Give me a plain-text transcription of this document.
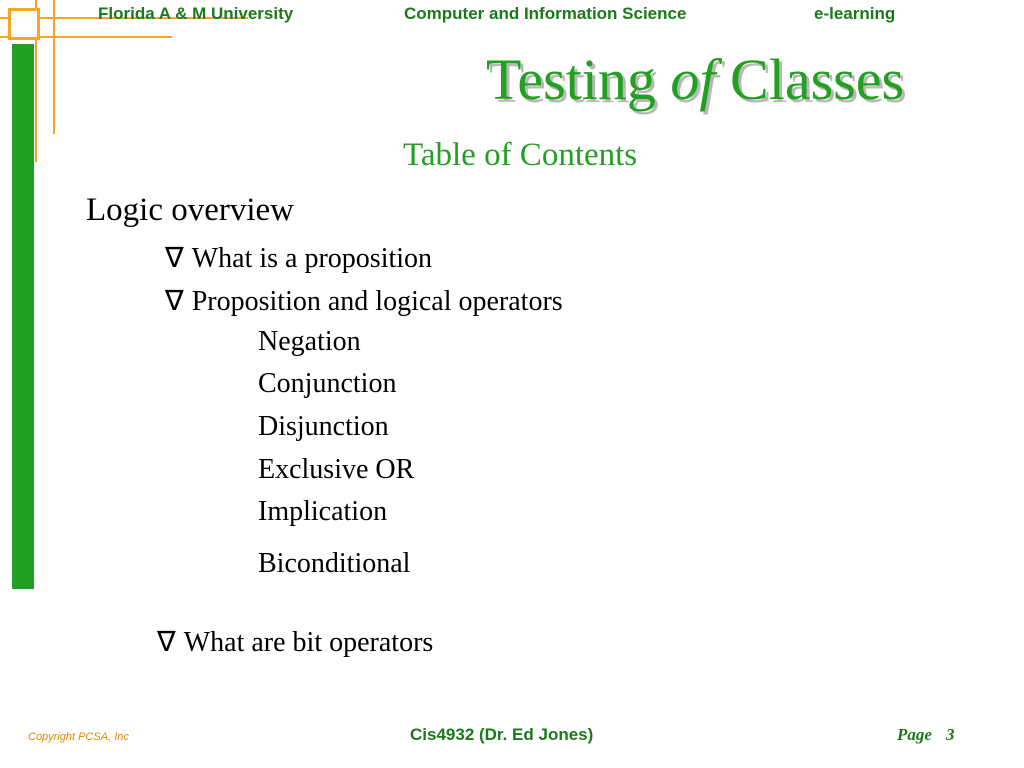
Florida A & M University	Computer and Information Science	e-learning
Testing of Classes
Table of Contents
Logic overview
∇ What is a proposition
∇ Proposition and logical operators
Negation
Conjunction
Disjunction
Exclusive OR
Implication
Biconditional
∇ What are bit operators
Copyright PCSA, Inc	Cis4932 (Dr. Ed Jones)	Page 3
